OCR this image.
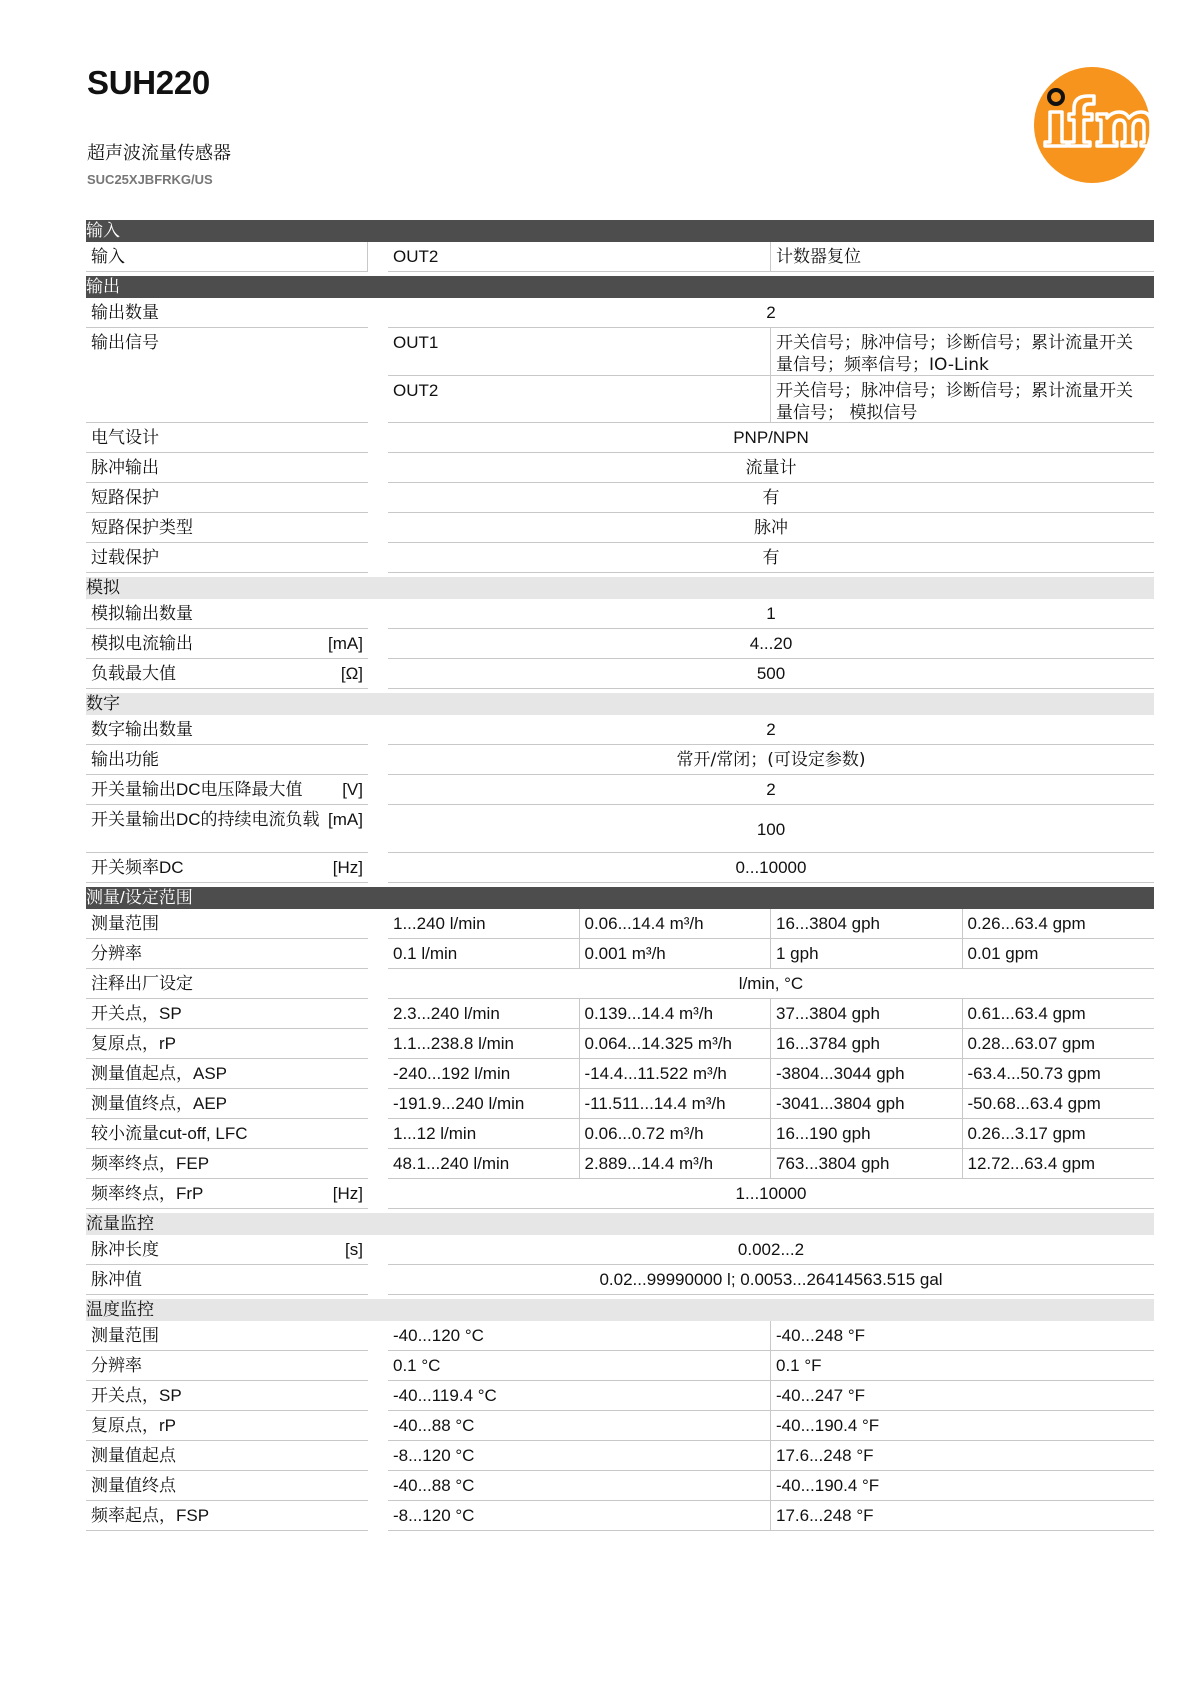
SUH220
超声波流量传感器
SUC25XJBFRKG/US
输入				

输入	OUT2		计数器复位	

输出				

输出数量	2			

输出信号	OUT1		开关信号；脉冲信号；诊断信号；累计流量开关量信号；频率信号；IO-Link	

	OUT2		开关信号；脉冲信号；诊断信号；累计流量开关量信号； 模拟信号	

电气设计	PNP/NPN			

脉冲输出	流量计			

短路保护	有			

短路保护类型	脉冲			

过载保护	有			

模拟				

模拟输出数量	1			

模拟电流输出 [mA]	4...20			

负载最大值 [Ω]	500			

数字				

数字输出数量	2			

输出功能	常开/常闭；(可设定参数)			

开关量输出DC电压降最大值 [V]	2			

开关量输出DC的持续电流负载 [mA]	100			

开关频率DC [Hz]	0...10000			

测量/设定范围				

测量范围	1...240 l/min	0.06...14.4 m³/h	16...3804 gph	0.26...63.4 gpm

分辨率	0.1 l/min	0.001 m³/h	1 gph	0.01 gpm

注释出厂设定	l/min, °C			

开关点，SP	2.3...240 l/min	0.139...14.4 m³/h	37...3804 gph	0.61...63.4 gpm

复原点，rP	1.1...238.8 l/min	0.064...14.325 m³/h	16...3784 gph	0.28...63.07 gpm

测量值起点，ASP	-240...192 l/min	-14.4...11.522 m³/h	-3804...3044 gph	-63.4...50.73 gpm

测量值终点，AEP	-191.9...240 l/min	-11.511...14.4 m³/h	-3041...3804 gph	-50.68...63.4 gpm

较小流量cut-off, LFC	1...12 l/min	0.06...0.72 m³/h	16...190 gph	0.26...3.17 gpm

频率终点，FEP	48.1...240 l/min	2.889...14.4 m³/h	763...3804 gph	12.72...63.4 gpm

频率终点，FrP [Hz]	1...10000			

流量监控				

脉冲长度 [s]	0.002...2			

脉冲值	0.02...99990000 l; 0.0053...26414563.515 gal			

温度监控				

测量范围	-40...120 °C		-40...248 °F	

分辨率	0.1 °C		0.1 °F	

开关点，SP	-40...119.4 °C		-40...247 °F	

复原点，rP	-40...88 °C		-40...190.4 °F	

测量值起点	-8...120 °C		17.6...248 °F	

测量值终点	-40...88 °C		-40...190.4 °F	

频率起点，FSP	-8...120 °C		17.6...248 °F	
